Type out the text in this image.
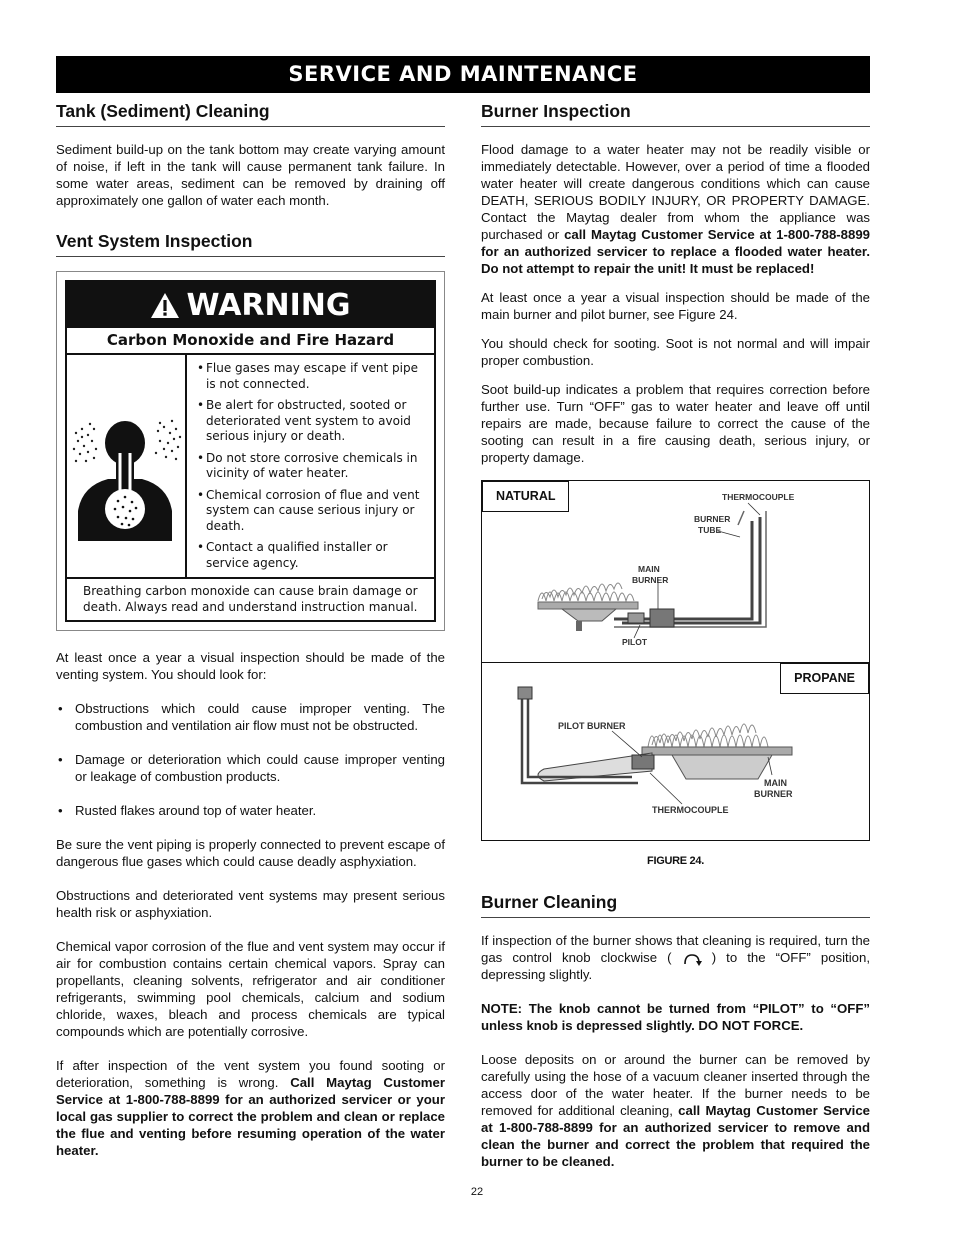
SERVICE AND MAINTENANCE
Tank (Sediment) Cleaning

Sediment build-up on the tank bottom may create varying amount of noise, if left in the tank will cause permanent tank failure. In some water areas, sediment can be removed by draining off approximately one gallon of water each month.

Vent System Inspection
WARNING
Carbon Monoxide and Fire Hazard
• Flue gases may escape if vent pipe is not connected.
• Be alert for obstructed, sooted or deteriorated vent system to avoid serious injury or death.
• Do not store corrosive chemicals in vicinity of water heater.
• Chemical corrosion of flue and vent system can cause serious injury or death.
• Contact a qualified installer or service agency.
Breathing carbon monoxide can cause brain damage or death. Always read and understand instruction manual.

At least once a year a visual inspection should be made of the venting system. You should look for:

• Obstructions which could cause improper venting. The combustion and ventilation air flow must not be obstructed.
• Damage or deterioration which could cause improper venting or leakage of combustion products.
• Rusted flakes around top of water heater.

Be sure the vent piping is properly connected to prevent escape of dangerous flue gases which could cause deadly asphyxiation.

Obstructions and deteriorated vent systems may present serious health risk or asphyxiation.

Chemical vapor corrosion of the flue and vent system may occur if air for combustion contains certain chemical vapors. Spray can propellants, cleaning solvents, refrigerator and air conditioner refrigerants, swimming pool chemicals, calcium and sodium chloride, waxes, bleach and process chemicals are typical compounds which are potentially corrosive.

If after inspection of the vent system you found sooting or deterioration, something is wrong. Call Maytag Customer Service at 1-800-788-8899 for an authorized servicer or your local gas supplier to correct the problem and clean or replace the flue and venting before resuming operation of the water heater.

Burner Inspection

Flood damage to a water heater may not be readily visible or immediately detectable. However, over a period of time a flooded water heater will create dangerous conditions which can cause DEATH, SERIOUS BODILY INJURY, OR PROPERTY DAMAGE. Contact the Maytag dealer from whom the appliance was purchased or call Maytag Customer Service at 1-800-788-8899 for an authorized servicer to replace a flooded water heater. Do not attempt to repair the unit! It must be replaced!

At least once a year a visual inspection should be made of the main burner and pilot burner, see Figure 24.

You should check for sooting. Soot is not normal and will impair proper combustion.

Soot build-up indicates a problem that requires correction before further use. Turn “OFF” gas to water heater and leave off until repairs are made, because failure to correct the cause of the sooting can result in a fire causing death, serious injury, or property damage.

NATURAL	THERMOCOUPLE
BURNER
TUBE
MAIN
BURNER
PILOT
PROPANE
PILOT BURNER
THERMOCOUPLE
MAIN
BURNER
FIGURE 24.
Burner Cleaning

If inspection of the burner shows that cleaning is required, turn the gas control knob clockwise (	) to the “OFF” position, depressing slightly.

NOTE: The knob cannot be turned from “PILOT” to “OFF” unless knob is depressed slightly. DO NOT FORCE.

Loose deposits on or around the burner can be removed by carefully using the hose of a vacuum cleaner inserted through the access door of the water heater. If the burner needs to be removed for additional cleaning, call Maytag Customer Service at 1-800-788-8899 for an authorized servicer to remove and clean the burner and correct the problem that required the burner to be cleaned.

22
